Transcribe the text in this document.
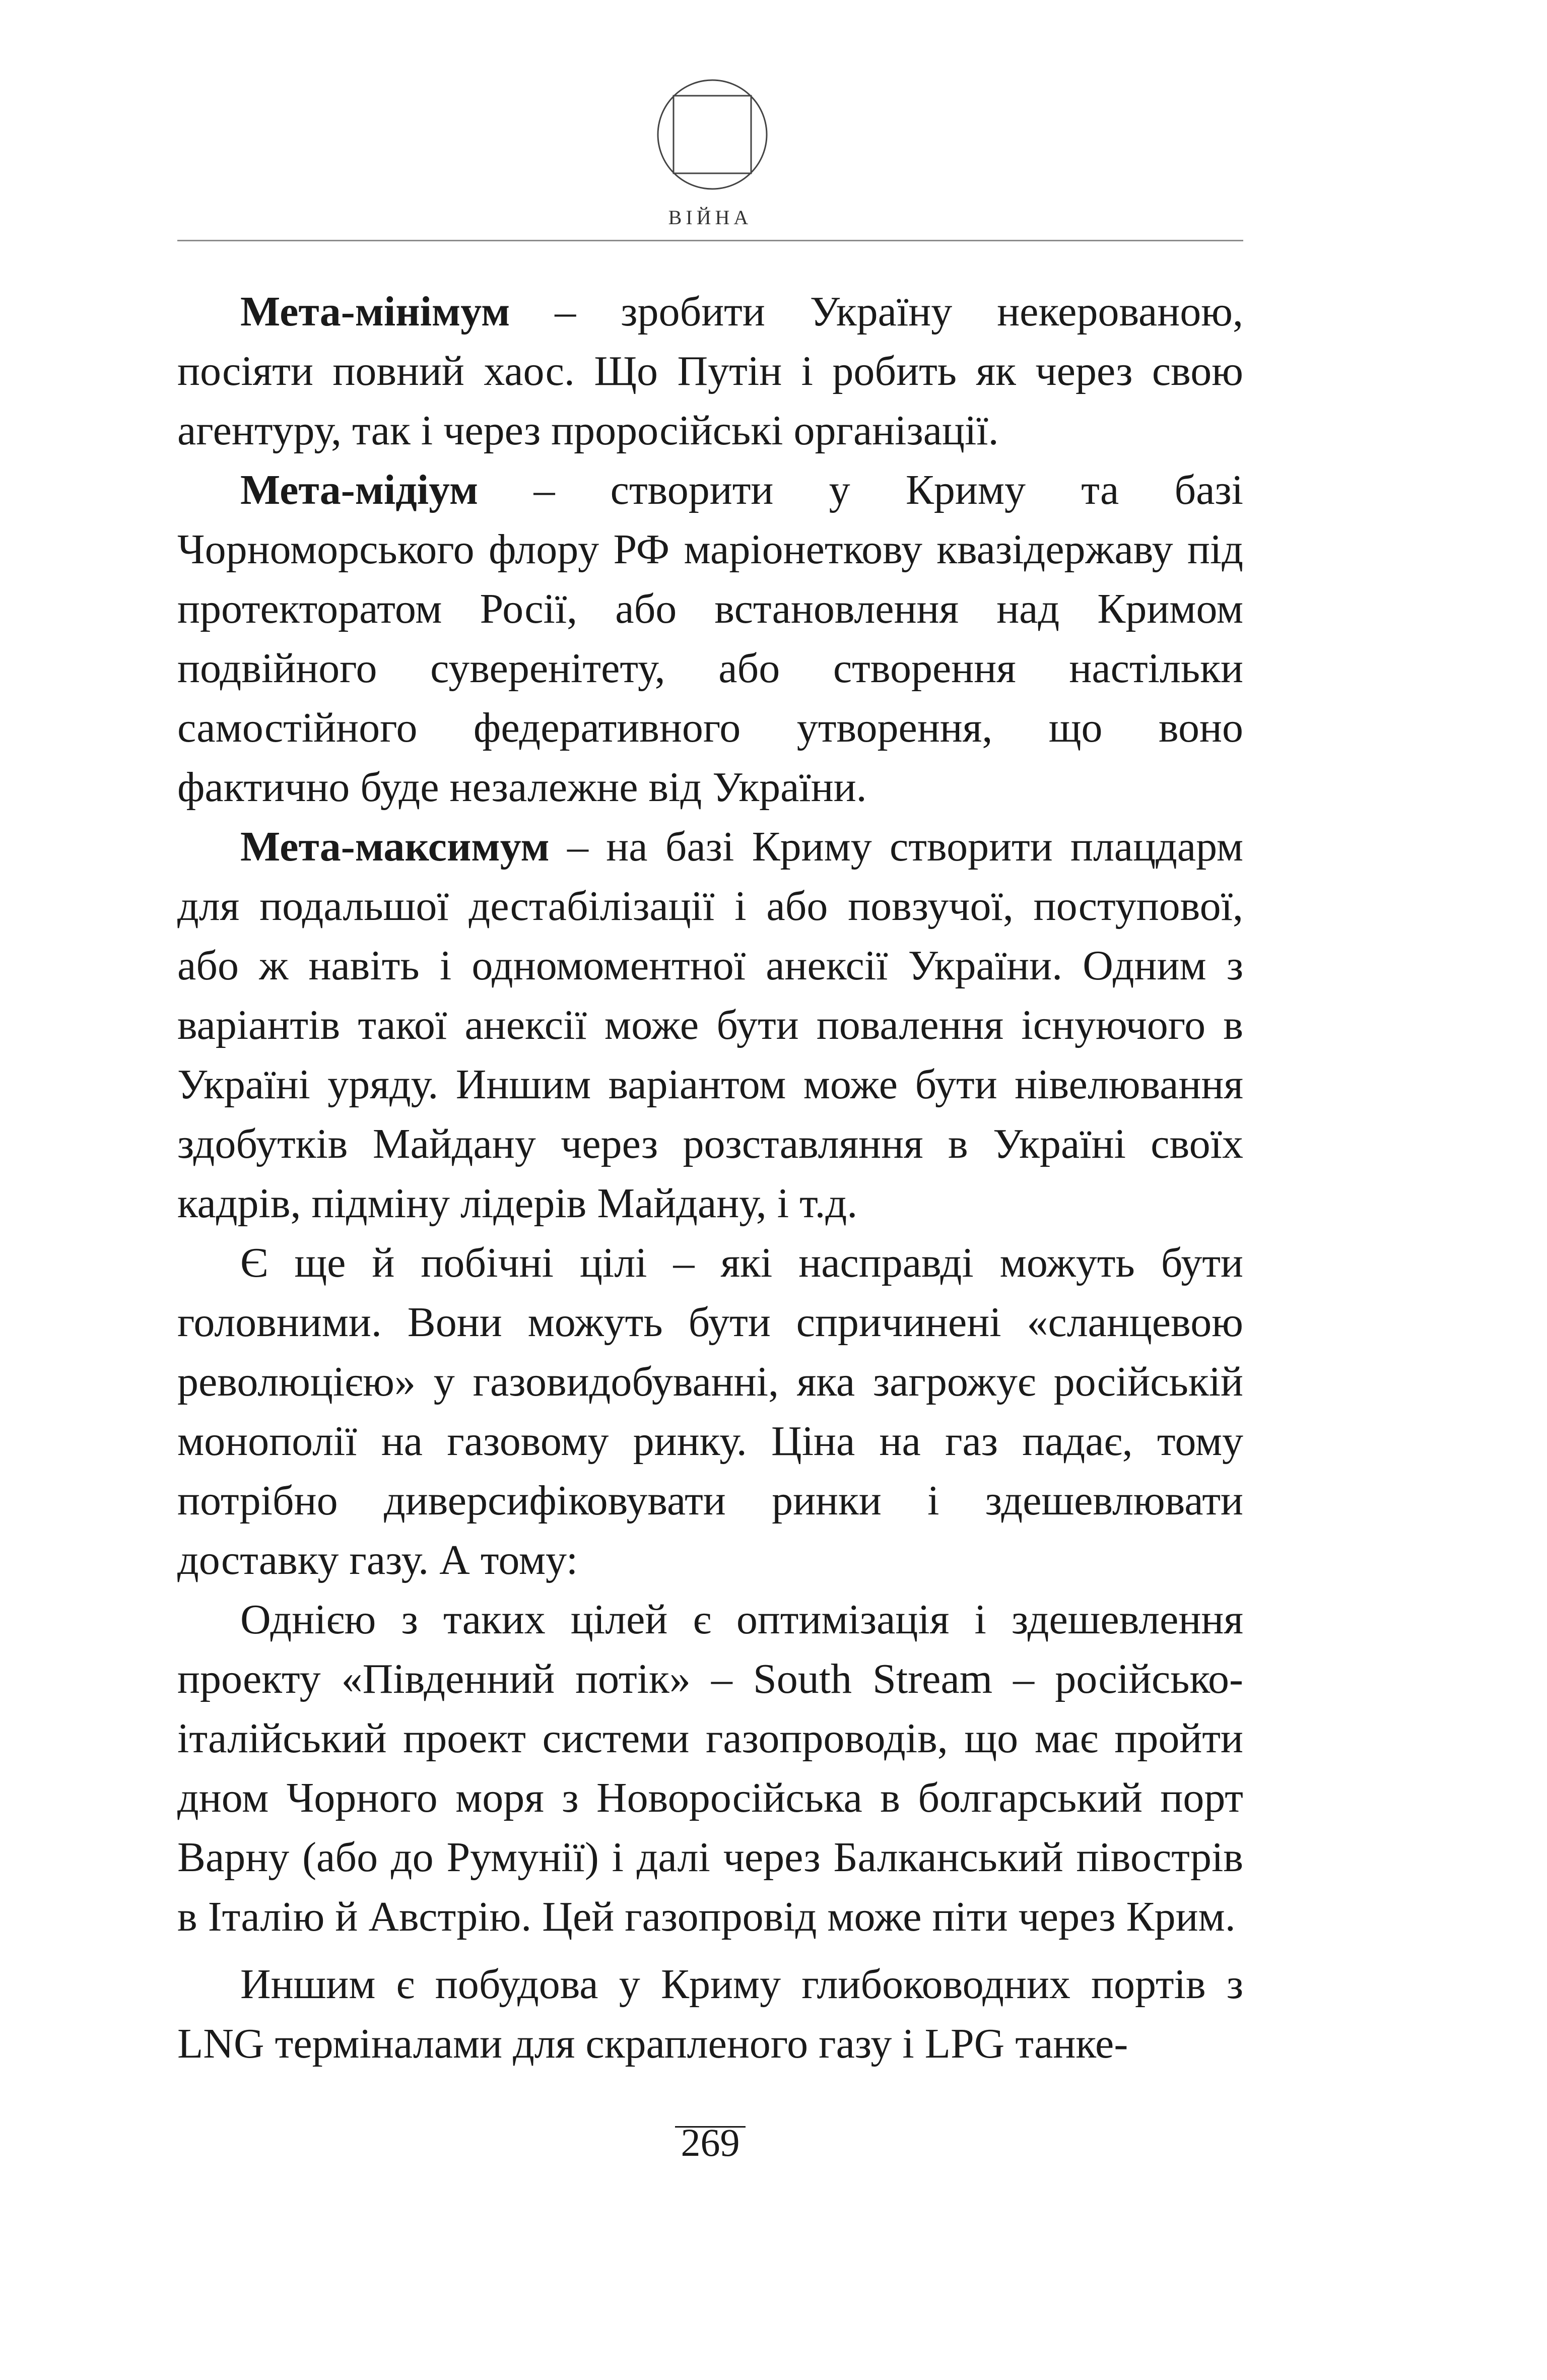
ВІЙНА

Мета-мінімум – зробити Україну некерованою, посіяти повний хаос. Що Путін і робить як через свою агентуру, так і через проросійські організації.

Мета-мідіум – створити у Криму та базі Чорноморського флору РФ маріонеткову квазідержаву під протекторатом Росії, або встановлення над Кримом подвійного суверенітету, або створення настільки самостійного федеративного утворення, що воно фактично буде незалежне від України.

Мета-максимум – на базі Криму створити плацдарм для подальшої дестабілізації і або повзучої, поступової, або ж навіть і одномоментної анексії України. Одним з варіантів такої анексії може бути повалення існуючого в Україні уряду. Иншим варіантом може бути нівелювання здобутків Майдану через розставляння в Україні своїх кадрів, підміну лідерів Майдану, і т.д.

Є ще й побічні цілі – які насправді можуть бути головними. Вони можуть бути спричинені «сланцевою революцією» у газовидобуванні, яка загрожує російській монополії на газовому ринку. Ціна на газ падає, тому потрібно диверсифіковувати ринки і здешевлювати доставку газу. А тому:

Однією з таких цілей є оптимізація і здешевлення проекту «Південний потік» – South Stream – російсько-італійський проект системи газопроводів, що має пройти дном Чорного моря з Новоросійська в болгарський порт Варну (або до Румунії) і далі через Балканський півострів в Італію й Австрію. Цей газопровід може піти через Крим.

Иншим є побудова у Криму глибоководних портів з LNG терміналами для скрапленого газу і LPG танке-

269
